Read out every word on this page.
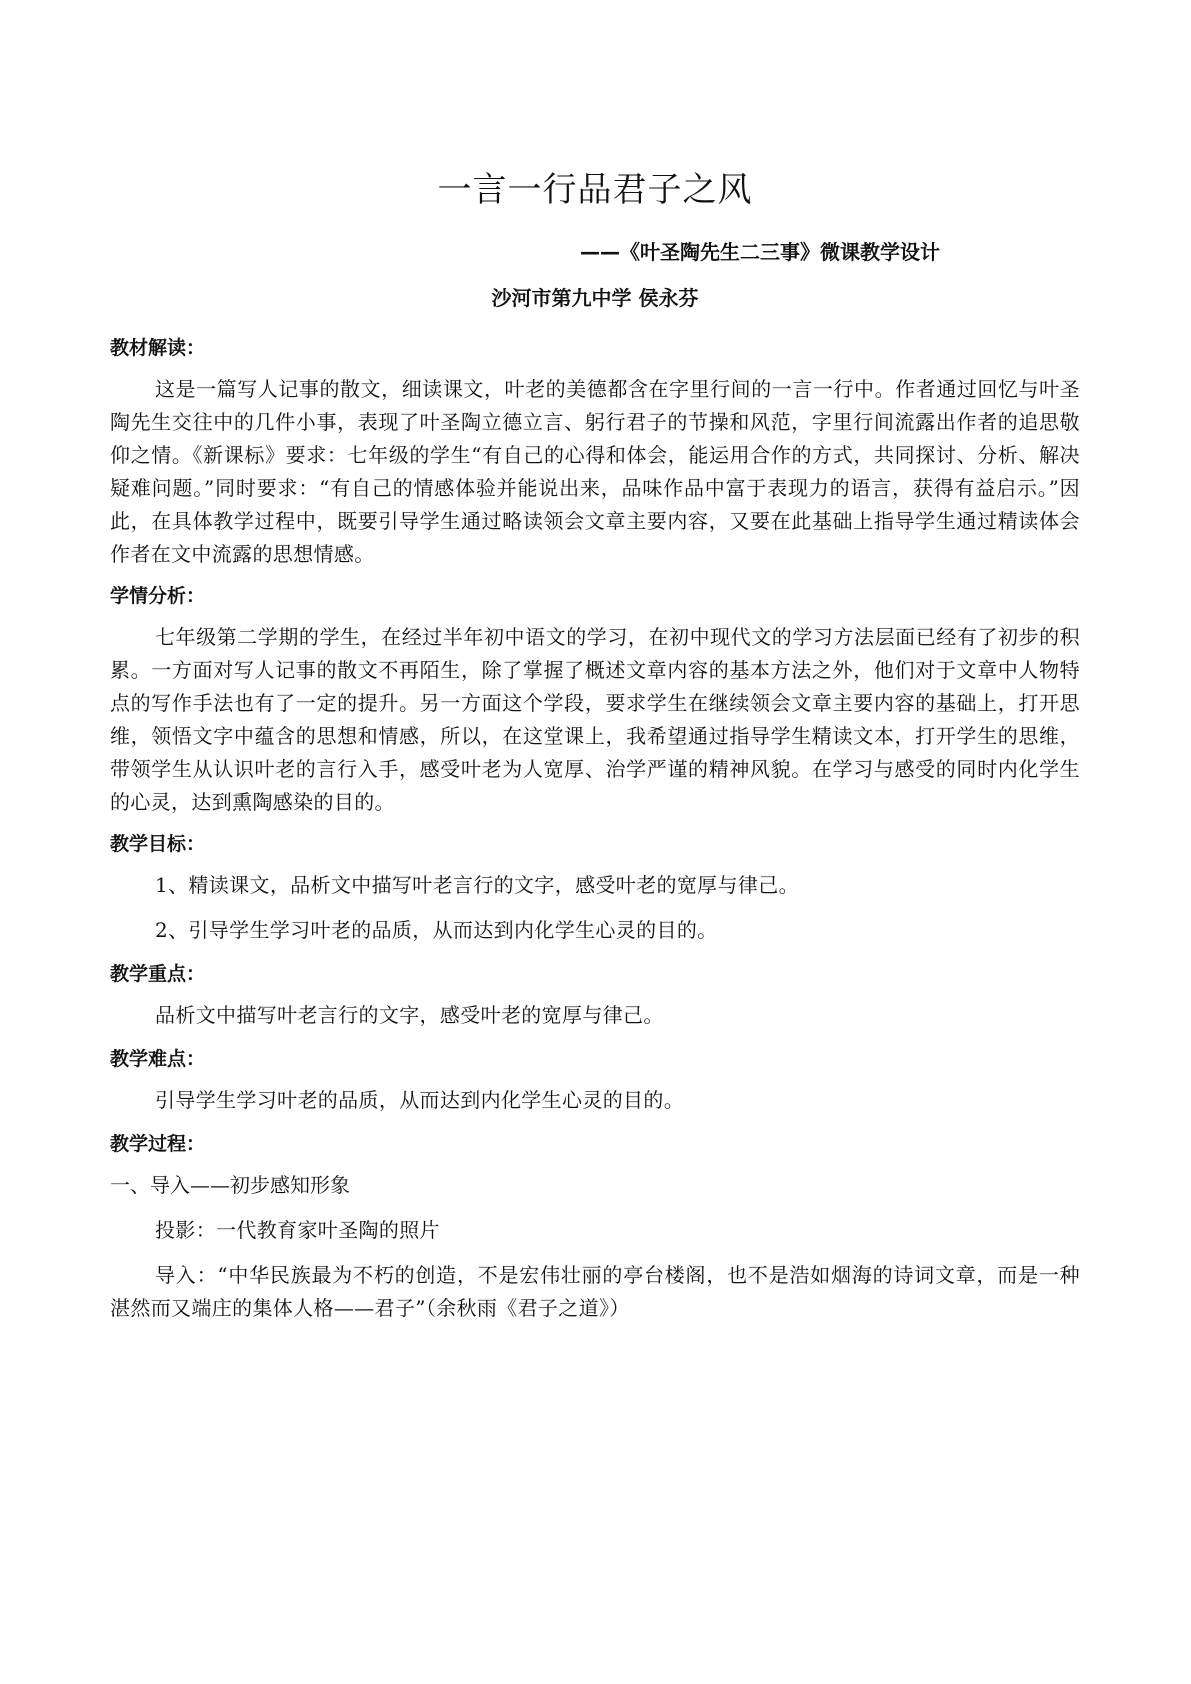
一言一行品君子之风
——《叶圣陶先生二三事》微课教学设计
沙河市第九中学 侯永芬
教材解读：

这是一篇写人记事的散文，细读课文，叶老的美德都含在字里行间的一言一行中。作者通过回忆与叶圣陶先生交往中的几件小事，表现了叶圣陶立德立言、躬行君子的节操和风范，字里行间流露出作者的追思敬仰之情。《新课标》要求：七年级的学生“有自己的心得和体会，能运用合作的方式，共同探讨、分析、解决疑难问题。”同时要求：“有自己的情感体验并能说出来，品味作品中富于表现力的语言，获得有益启示。”因此，在具体教学过程中，既要引导学生通过略读领会文章主要内容，又要在此基础上指导学生通过精读体会作者在文中流露的思想情感。

学情分析：

七年级第二学期的学生，在经过半年初中语文的学习，在初中现代文的学习方法层面已经有了初步的积累。一方面对写人记事的散文不再陌生，除了掌握了概述文章内容的基本方法之外，他们对于文章中人物特点的写作手法也有了一定的提升。另一方面这个学段，要求学生在继续领会文章主要内容的基础上，打开思维，领悟文字中蕴含的思想和情感，所以，在这堂课上，我希望通过指导学生精读文本，打开学生的思维，带领学生从认识叶老的言行入手，感受叶老为人宽厚、治学严谨的精神风貌。在学习与感受的同时内化学生的心灵，达到熏陶感染的目的。

教学目标：

1、精读课文，品析文中描写叶老言行的文字，感受叶老的宽厚与律己。

2、引导学生学习叶老的品质，从而达到内化学生心灵的目的。

教学重点：

品析文中描写叶老言行的文字，感受叶老的宽厚与律己。

教学难点：

引导学生学习叶老的品质，从而达到内化学生心灵的目的。

教学过程：
一、导入——初步感知形象

投影：一代教育家叶圣陶的照片

导入：“中华民族最为不朽的创造，不是宏伟壮丽的亭台楼阁，也不是浩如烟海的诗词文章，而是一种湛然而又端庄的集体人格——君子”（余秋雨《君子之道》）
